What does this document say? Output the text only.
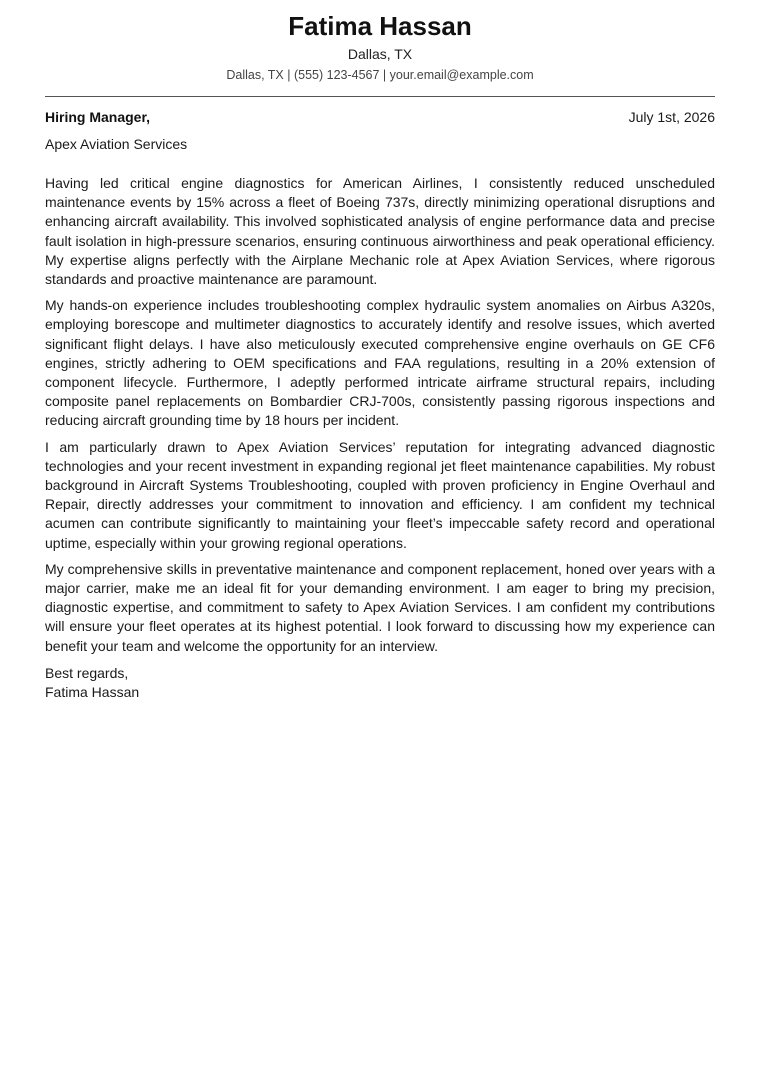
Fatima Hassan
Dallas, TX
Dallas, TX | (555) 123-4567 | your.email@example.com
Hiring Manager,	July 1st, 2026
Apex Aviation Services

Having led critical engine diagnostics for American Airlines, I consistently reduced unscheduled maintenance events by 15% across a fleet of Boeing 737s, directly minimizing operational disruptions and enhancing aircraft availability. This involved sophisticated analysis of engine performance data and precise fault isolation in high-pressure scenarios, ensuring continuous airworthiness and peak operational efficiency. My expertise aligns perfectly with the Airplane Mechanic role at Apex Aviation Services, where rigorous standards and proactive maintenance are paramount.

My hands-on experience includes troubleshooting complex hydraulic system anomalies on Airbus A320s, employing borescope and multimeter diagnostics to accurately identify and resolve issues, which averted significant flight delays. I have also meticulously executed comprehensive engine overhauls on GE CF6 engines, strictly adhering to OEM specifications and FAA regulations, resulting in a 20% extension of component lifecycle. Furthermore, I adeptly performed intricate airframe structural repairs, including composite panel replacements on Bombardier CRJ-700s, consistently passing rigorous inspections and reducing aircraft grounding time by 18 hours per incident.

I am particularly drawn to Apex Aviation Services’ reputation for integrating advanced diagnostic technologies and your recent investment in expanding regional jet fleet maintenance capabilities. My robust background in Aircraft Systems Troubleshooting, coupled with proven proficiency in Engine Overhaul and Repair, directly addresses your commitment to innovation and efficiency. I am confident my technical acumen can contribute significantly to maintaining your fleet’s impeccable safety record and operational uptime, especially within your growing regional operations.

My comprehensive skills in preventative maintenance and component replacement, honed over years with a major carrier, make me an ideal fit for your demanding environment. I am eager to bring my precision, diagnostic expertise, and commitment to safety to Apex Aviation Services. I am confident my contributions will ensure your fleet operates at its highest potential. I look forward to discussing how my experience can benefit your team and welcome the opportunity for an interview.

Best regards,
Fatima Hassan
